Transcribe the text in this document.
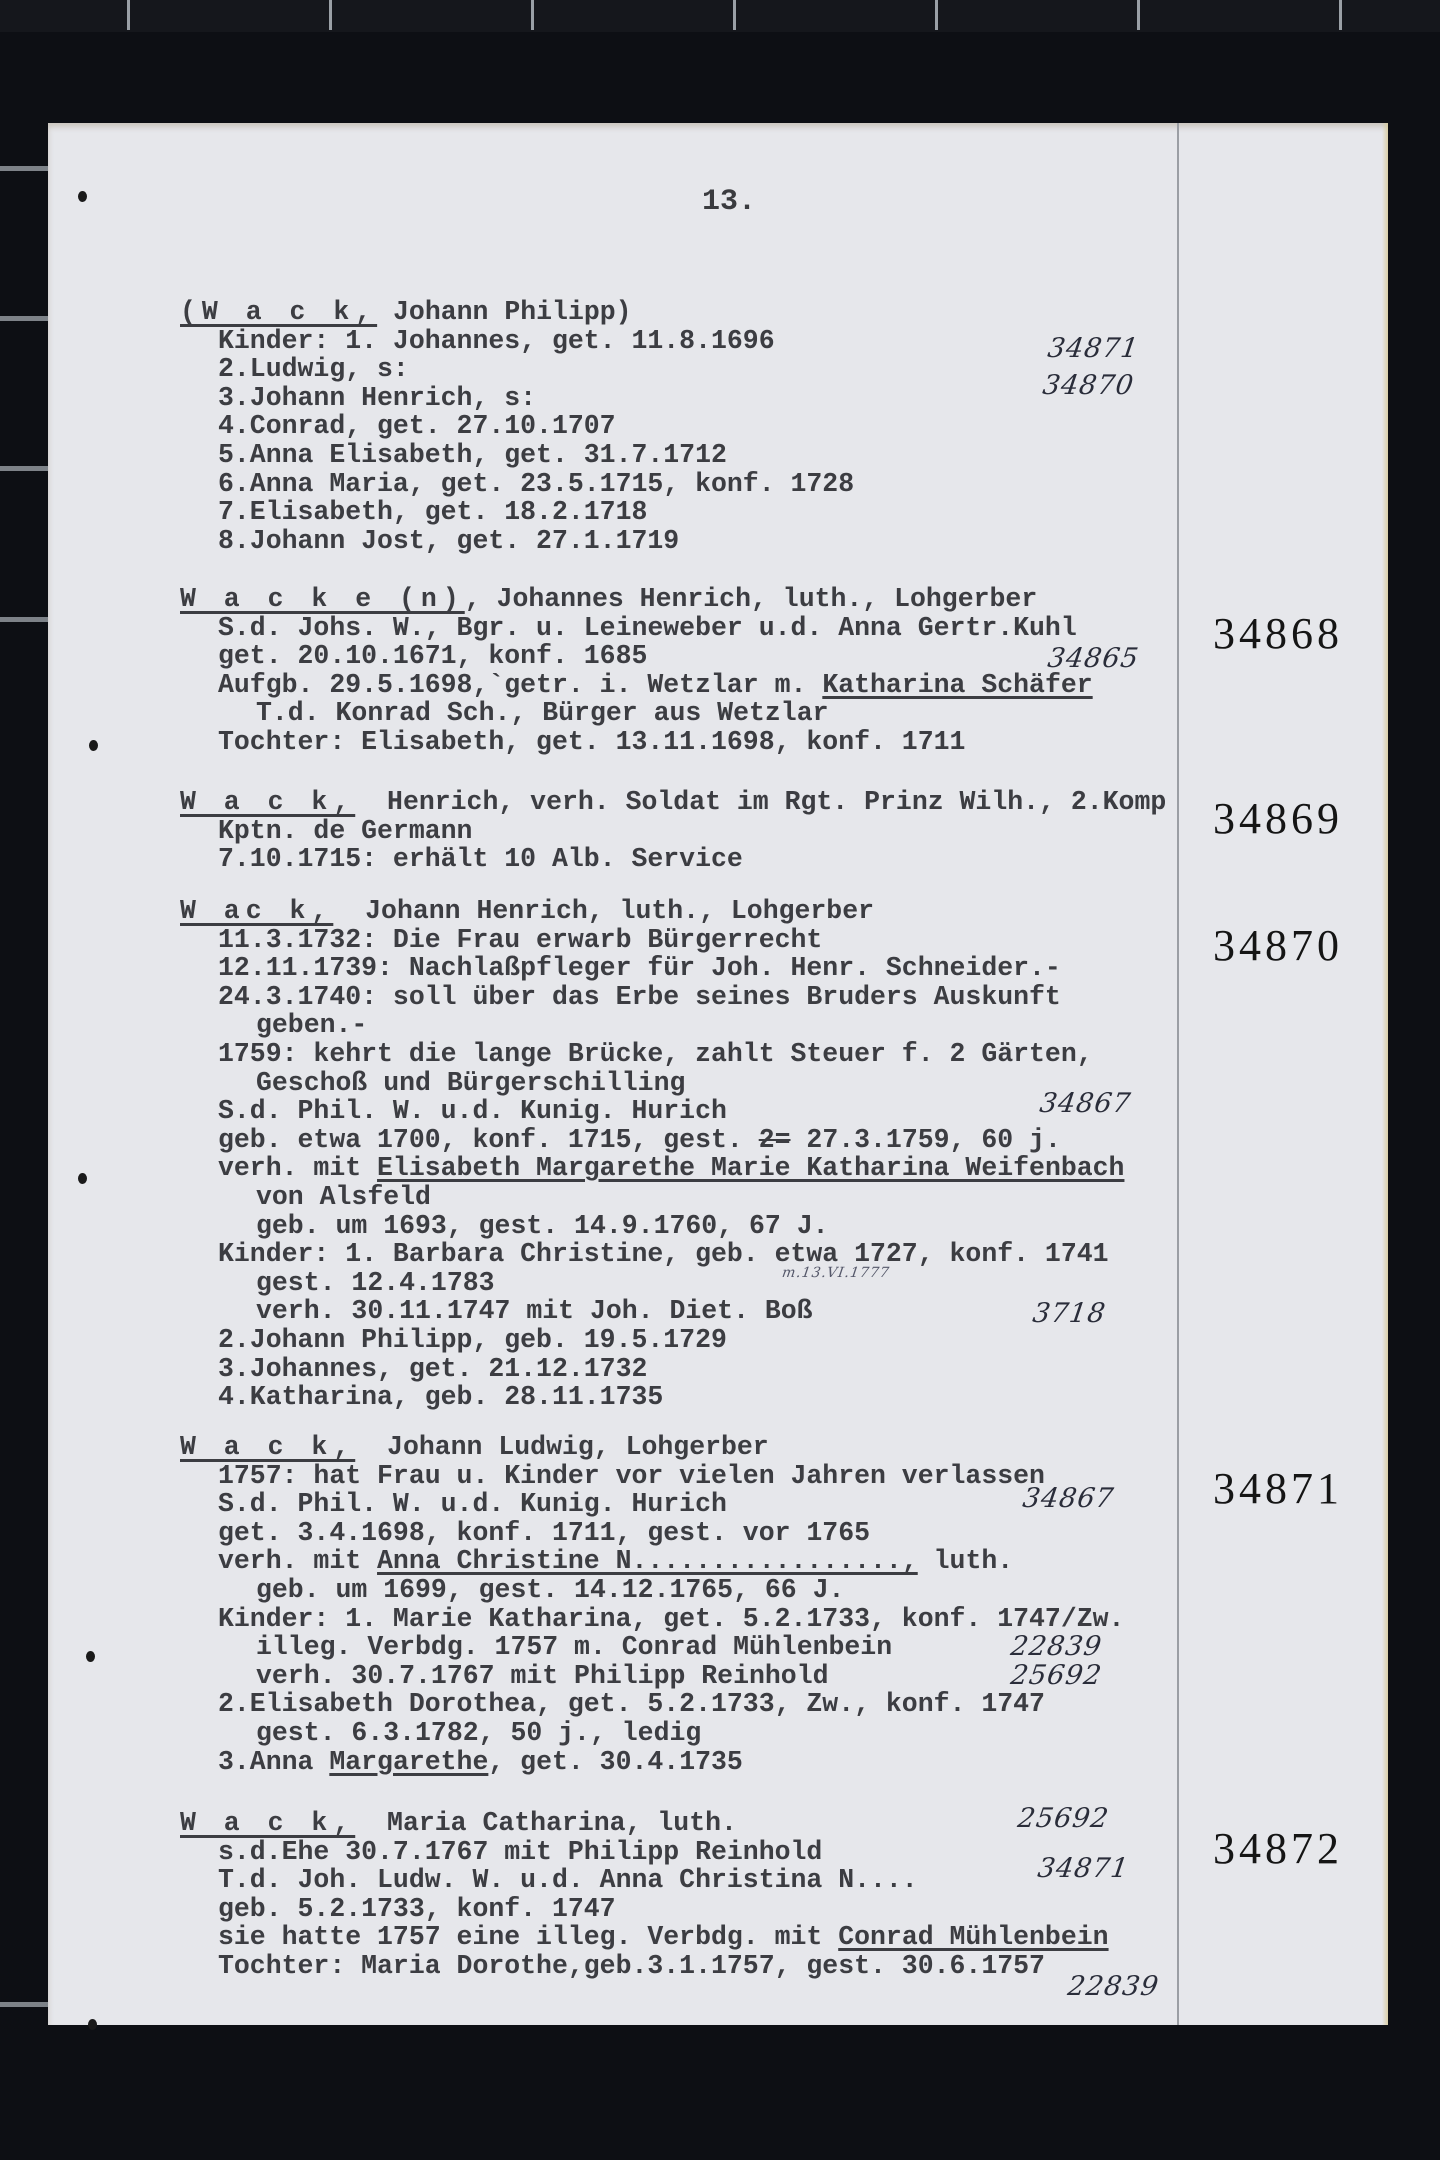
13.
(W a c k, Johann Philipp)
Kinder: 1. Johannes, get. 11.8.1696
2.Ludwig, s:
3.Johann Henrich, s:
4.Conrad, get. 27.10.1707
5.Anna Elisabeth, get. 31.7.1712
6.Anna Maria, get. 23.5.1715, konf. 1728
7.Elisabeth, get. 18.2.1718
8.Johann Jost, get. 27.1.1719
34871
34870
W a c k e (n), Johannes Henrich, luth., Lohgerber
S.d. Johs. W., Bgr. u. Leineweber u.d. Anna Gertr.Kuhl
get. 20.10.1671, konf. 1685
Aufgb. 29.5.1698,`getr. i. Wetzlar m. Katharina Schäfer
T.d. Konrad Sch., Bürger aus Wetzlar
Tochter: Elisabeth, get. 13.11.1698, konf. 1711
34868
34865
W a c k,  Henrich, verh. Soldat im Rgt. Prinz Wilh., 2.Komp
Kptn. de Germann
7.10.1715: erhält 10 Alb. Service
34869
W ac k,  Johann Henrich, luth., Lohgerber
11.3.1732: Die Frau erwarb Bürgerrecht
12.11.1739: Nachlaßpfleger für Joh. Henr. Schneider.-
24.3.1740: soll über das Erbe seines Bruders Auskunft
geben.-
1759: kehrt die lange Brücke, zahlt Steuer f. 2 Gärten,
Geschoß und Bürgerschilling
S.d. Phil. W. u.d. Kunig. Hurich
geb. etwa 1700, konf. 1715, gest. 2= 27.3.1759, 60 j.
verh. mit Elisabeth Margarethe Marie Katharina Weifenbach
von Alsfeld
geb. um 1693, gest. 14.9.1760, 67 J.
Kinder: 1. Barbara Christine, geb. etwa 1727, konf. 1741
gest. 12.4.1783
verh. 30.11.1747 mit Joh. Diet. Boß
2.Johann Philipp, geb. 19.5.1729
3.Johannes, get. 21.12.1732
4.Katharina, geb. 28.11.1735
34870
34867
m.13.VI.1777
3718
W a c k,  Johann Ludwig, Lohgerber
1757: hat Frau u. Kinder vor vielen Jahren verlassen
S.d. Phil. W. u.d. Kunig. Hurich
get. 3.4.1698, konf. 1711, gest. vor 1765
verh. mit Anna Christine N................., luth.
geb. um 1699, gest. 14.12.1765, 66 J.
Kinder: 1. Marie Katharina, get. 5.2.1733, konf. 1747/Zw.
illeg. Verbdg. 1757 m. Conrad Mühlenbein
verh. 30.7.1767 mit Philipp Reinhold
2.Elisabeth Dorothea, get. 5.2.1733, Zw., konf. 1747
gest. 6.3.1782, 50 j., ledig
3.Anna Margarethe, get. 30.4.1735
34871
34867
22839
25692
W a c k,  Maria Catharina, luth.
s.d.Ehe 30.7.1767 mit Philipp Reinhold
T.d. Joh. Ludw. W. u.d. Anna Christina N....
geb. 5.2.1733, konf. 1747
sie hatte 1757 eine illeg. Verbdg. mit Conrad Mühlenbein
Tochter: Maria Dorothe,geb.3.1.1757, gest. 30.6.1757
34872
25692
34871
22839
